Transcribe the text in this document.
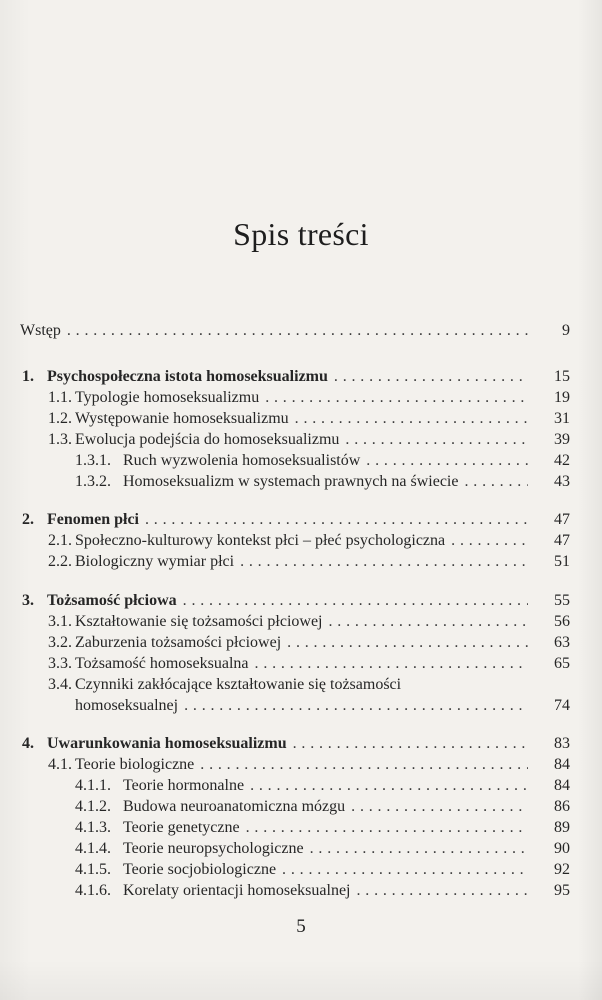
Spis treści
Wstęp . . .	9
1. Psychospołeczna istota homoseksualizmu . . .	15
1.1. Typologie homoseksualizmu . . .	19
1.2. Występowanie homoseksualizmu . . .	31
1.3. Ewolucja podejścia do homoseksualizmu . . .	39
1.3.1. Ruch wyzwolenia homoseksualistów . . .	42
1.3.2. Homoseksualizm w systemach prawnych na świecie . . .	43
2. Fenomen płci . . .	47
2.1. Społeczno-kulturowy kontekst płci – płeć psychologiczna . . .	47
2.2. Biologiczny wymiar płci . . .	51
3. Tożsamość płciowa . . .	55
3.1. Kształtowanie się tożsamości płciowej . . .	56
3.2. Zaburzenia tożsamości płciowej . . .	63
3.3. Tożsamość homoseksualna . . .	65
3.4. Czynniki zakłócające kształtowanie się tożsamości
homoseksualnej . . .	74
4. Uwarunkowania homoseksualizmu . . .	83
4.1. Teorie biologiczne . . .	84
4.1.1. Teorie hormonalne . . .	84
4.1.2. Budowa neuroanatomiczna mózgu . . .	86
4.1.3. Teorie genetyczne . . .	89
4.1.4. Teorie neuropsychologiczne . . .	90
4.1.5. Teorie socjobiologiczne . . .	92
4.1.6. Korelaty orientacji homoseksualnej . . .	95
5
